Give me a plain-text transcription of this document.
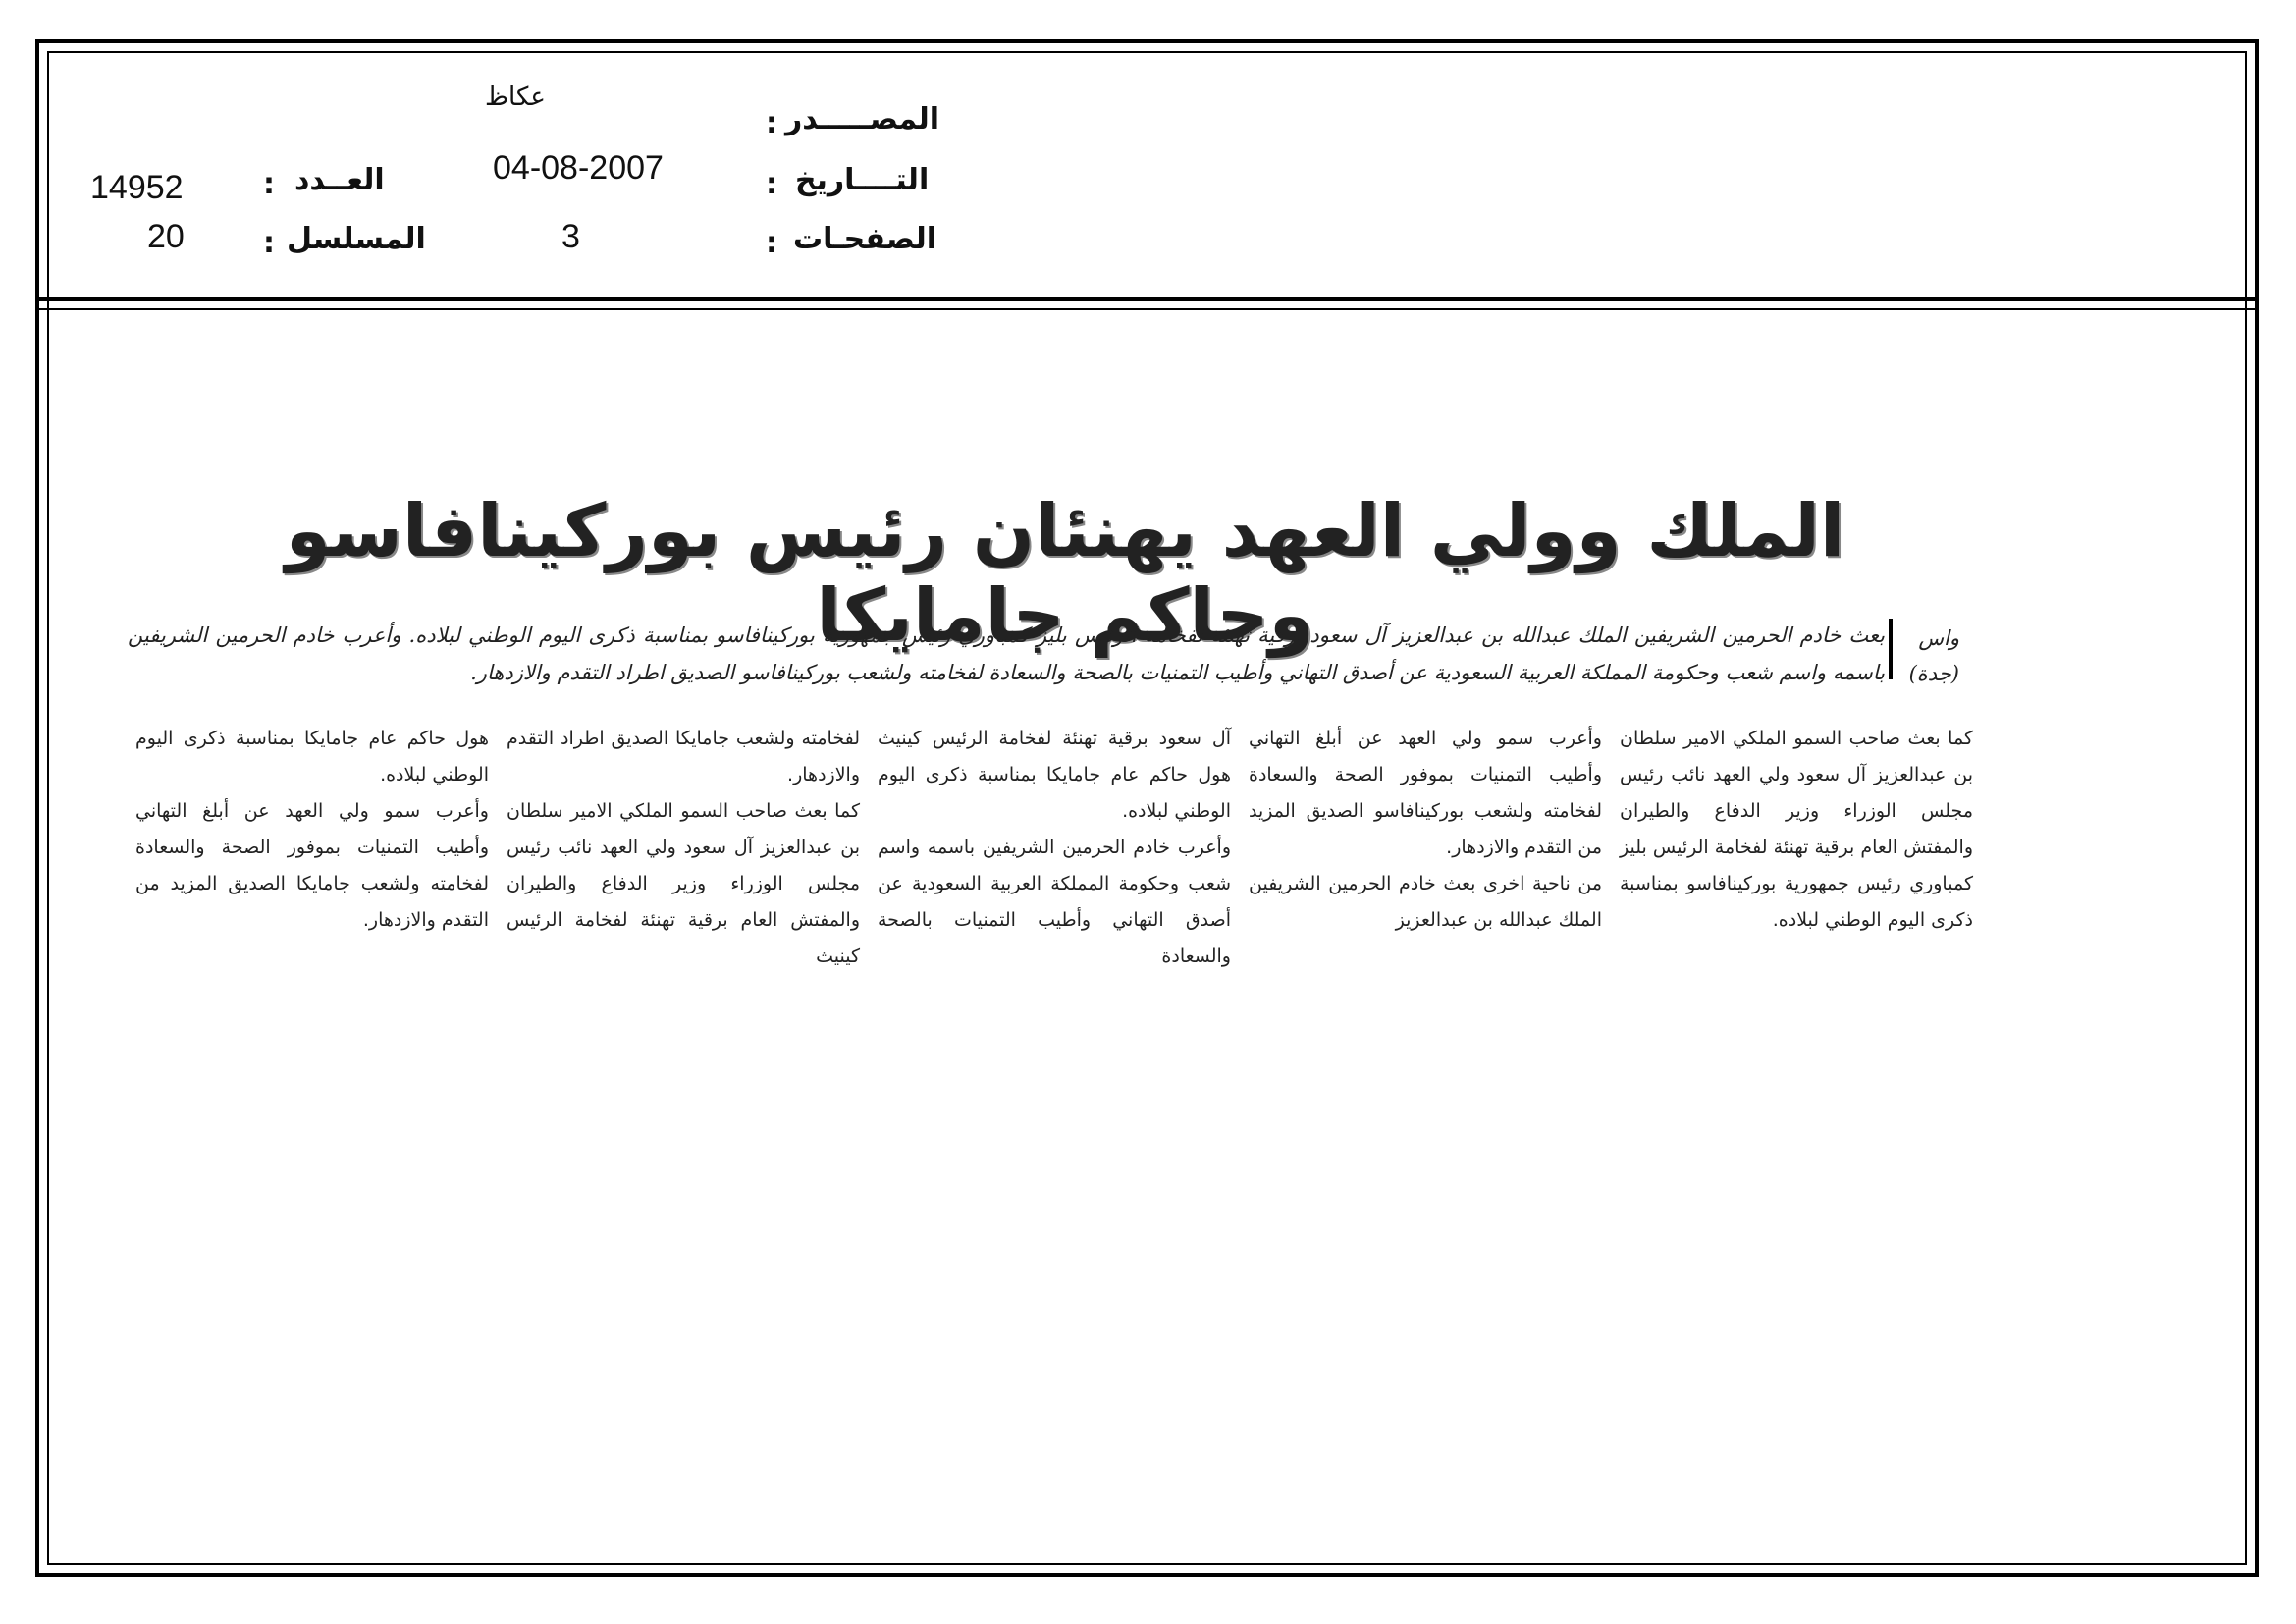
المصـــــدر
:
عكاظ
التــــاريخ
:
04-08-2007
الصفحـات
:
3
العــدد
:
14952
المسلسل
:
20
الملك وولي العهد يهنئان رئيس بوركينافاسو وحاكم جامايكا	واس
(جدة)
بعث خادم الحرمين الشريفين الملك عبدالله بن عبدالعزيز آل سعود برقية تهنئة لفخامة الرئيس بليز كمباوري رئيس جمهورية بوركينافاسو بمناسبة ذكرى اليوم الوطني لبلاده. وأعرب خادم الحرمين الشريفين باسمه واسم شعب وحكومة المملكة العربية السعودية عن أصدق التهاني وأطيب التمنيات بالصحة والسعادة لفخامته ولشعب بوركينافاسو الصديق اطراد التقدم والازدهار.

كما بعث صاحب السمو الملكي الامير سلطان بن عبدالعزيز آل سعود ولي العهد نائب رئيس مجلس الوزراء وزير الدفاع والطيران والمفتش العام برقية تهنئة لفخامة الرئيس بليز كمباوري رئيس جمهورية بوركينافاسو بمناسبة ذكرى اليوم الوطني لبلاده.

وأعرب سمو ولي العهد عن أبلغ التهاني وأطيب التمنيات بموفور الصحة والسعادة لفخامته ولشعب بوركينافاسو الصديق المزيد من التقدم والازدهار.

من ناحية اخرى بعث خادم الحرمين الشريفين الملك عبدالله بن عبدالعزيز

آل سعود برقية تهنئة لفخامة الرئيس كينيث هول حاكم عام جامايكا بمناسبة ذكرى اليوم الوطني لبلاده.

وأعرب خادم الحرمين الشريفين باسمه واسم شعب وحكومة المملكة العربية السعودية عن أصدق التهاني وأطيب التمنيات بالصحة والسعادة

لفخامته ولشعب جامايكا الصديق اطراد التقدم والازدهار.

كما بعث صاحب السمو الملكي الامير سلطان بن عبدالعزيز آل سعود ولي العهد نائب رئيس مجلس الوزراء وزير الدفاع والطيران والمفتش العام برقية تهنئة لفخامة الرئيس كينيث

هول حاكم عام جامايكا بمناسبة ذكرى اليوم الوطني لبلاده.

وأعرب سمو ولي العهد عن أبلغ التهاني وأطيب التمنيات بموفور الصحة والسعادة لفخامته ولشعب جامايكا الصديق المزيد من التقدم والازدهار.
